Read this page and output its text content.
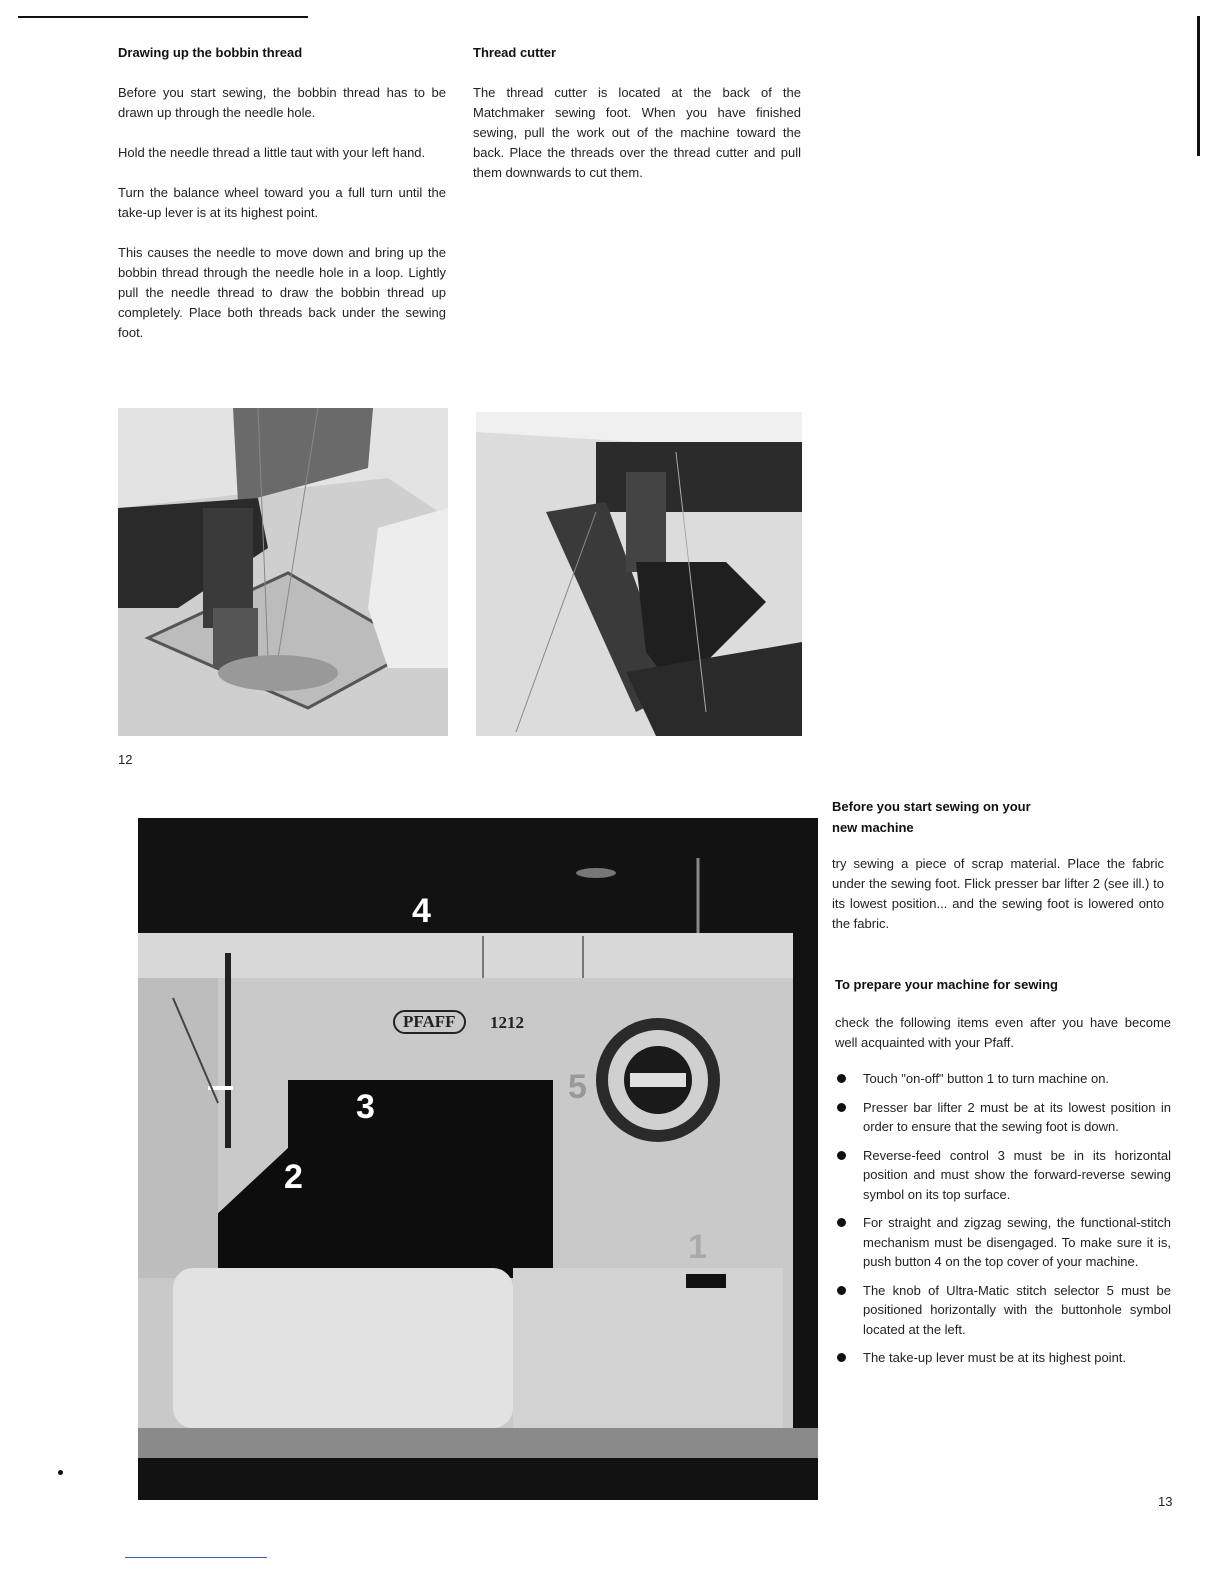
Drawing up the bobbin thread

Before you start sewing, the bobbin thread has to be drawn up through the needle hole.

Hold the needle thread a little taut with your left hand.

Turn the balance wheel toward you a full turn until the take-up lever is at its highest point.

This causes the needle to move down and bring up the bobbin thread through the needle hole in a loop. Lightly pull the needle thread to draw the bobbin thread up completely. Place both threads back under the sewing foot.

Thread cutter

The thread cutter is located at the back of the Matchmaker sewing foot. When you have finished sewing, pull the work out of the machine toward the back. Place the threads over the thread cutter and pull them downwards to cut them.

12
PFAFF	1212
4
3
5
2
1
Before you start sewing on your
new machine

try sewing a piece of scrap material. Place the fabric under the sewing foot. Flick presser bar lifter 2 (see ill.) to its lowest position... and the sewing foot is lowered onto the fabric.

To prepare your machine for sewing

check the following items even after you have become well acquainted with your Pfaff.

Touch "on-off" button 1 to turn machine on.
Presser bar lifter 2 must be at its lowest position in order to ensure that the sewing foot is down.
Reverse-feed control 3 must be in its horizontal position and must show the forward-reverse sewing symbol on its top surface.
For straight and zigzag sewing, the functional-stitch mechanism must be disengaged. To make sure it is, push button 4 on the top cover of your machine.
The knob of Ultra-Matic stitch selector 5 must be positioned horizontally with the buttonhole symbol located at the left.
The take-up lever must be at its highest point.
13
